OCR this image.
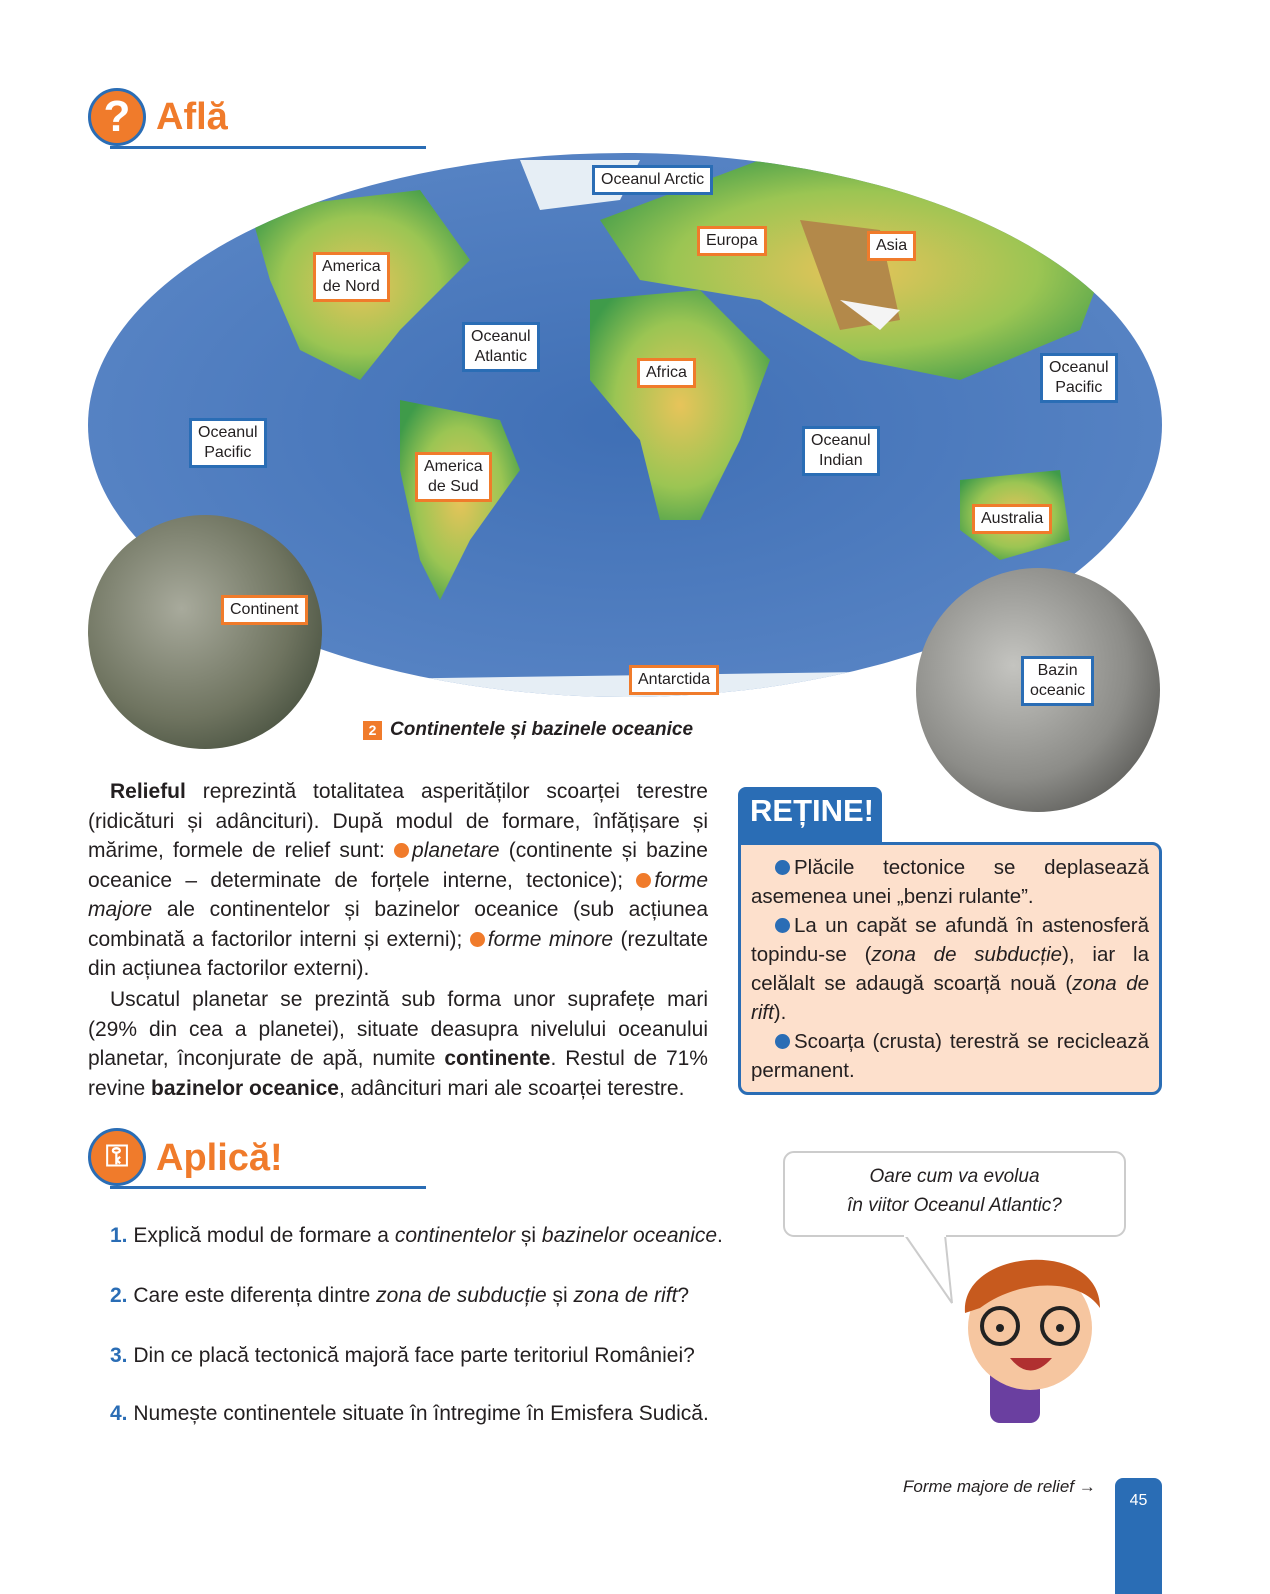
? Află
Oceanul Arctic
Europa	Asia
America
de Nord
Oceanul
Atlantic
Africa	Oceanul
Pacific
Oceanul
Pacific
Oceanul
Indian
America
de Sud
Australia
Continent
Antarctida
Bazin
oceanic
2 Continentele și bazinele oceanice
Relieful reprezintă totalitatea asperităților scoarței terestre (ridicături și adâncituri). După modul de formare, înfățișare și mărime, formele de relief sunt: planetare (continente și bazine oceanice – determinate de forțele interne, tectonice); forme majore ale continentelor și bazinelor oceanice (sub acțiunea combinată a factorilor interni și externi); forme minore (rezultate din acțiunea factorilor externi).
Uscatul planetar se prezintă sub forma unor suprafețe mari (29% din cea a planetei), situate deasupra nivelului oceanului planetar, înconjurate de apă, numite continente. Restul de 71% revine bazinelor oceanice, adâncituri mari ale scoarței terestre.
REȚINE!

Plăcile tectonice se deplasează asemenea unei „benzi rulante”.

La un capăt se afundă în astenosferă topindu-se (zona de subducție), iar la celălalt se adaugă scoarță nouă (zona de rift).

Scoarța (crusta) terestră se reciclează permanent.

⚿ Aplică!
1. Explică modul de formare a continentelor și bazinelor oceanice.
2. Care este diferența dintre zona de subducție și zona de rift?
3. Din ce placă tectonică majoră face parte teritoriul României?
4. Numește continentele situate în întregime în Emisfera Sudică.
Oare cum va evolua
în viitor Oceanul Atlantic?
Forme majore de relief →
45
